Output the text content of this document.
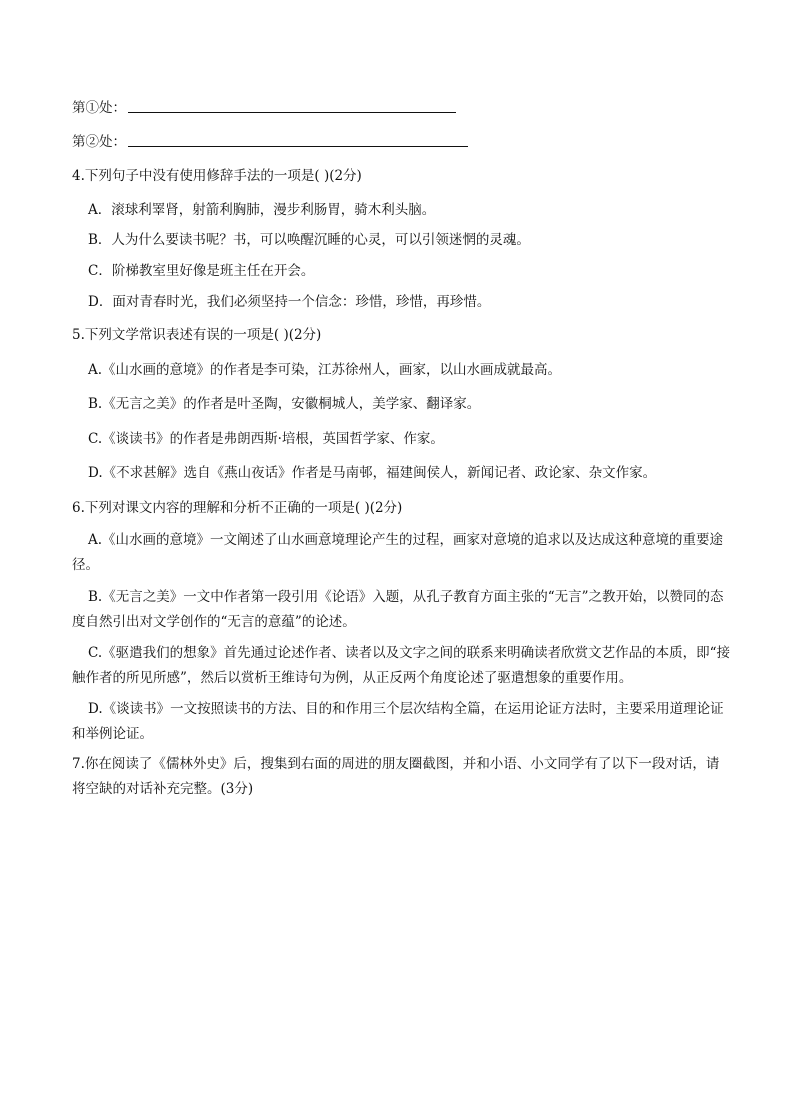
第①处：
第②处：
4.下列句子中没有使用修辞手法的一项是( )(2分)
A．滚球利睪肾，射箭利胸肺，漫步利肠胃，骑木利头脑。
B．人为什么要读书呢？书，可以唤醒沉睡的心灵，可以引领迷惘的灵魂。
C．阶梯教室里好像是班主任在开会。
D．面对青春时光，我们必须坚持一个信念：珍惜，珍惜，再珍惜。
5.下列文学常识表述有误的一项是( )(2分)
A.《山水画的意境》的作者是李可染，江苏徐州人，画家，以山水画成就最高。
B.《无言之美》的作者是叶圣陶，安徽桐城人，美学家、翻译家。
C.《谈读书》的作者是弗朗西斯·培根，英国哲学家、作家。
D.《不求甚解》选自《燕山夜话》作者是马南邨，福建闽侯人，新闻记者、政论家、杂文作家。
6.下列对课文内容的理解和分析不正确的一项是( )(2分)
A.《山水画的意境》一文阐述了山水画意境理论产生的过程，画家对意境的追求以及达成这种意境的重要途径。
B.《无言之美》一文中作者第一段引用《论语》入题，从孔子教育方面主张的“无言”之教开始，以赞同的态度自然引出对文学创作的“无言的意蕴”的论述。
C.《驱遣我们的想象》首先通过论述作者、读者以及文字之间的联系来明确读者欣赏文艺作品的本质，即“接触作者的所见所感”，然后以赏析王维诗句为例，从正反两个角度论述了驱遣想象的重要作用。
D.《谈读书》一文按照读书的方法、目的和作用三个层次结构全篇，在运用论证方法时，主要采用道理论证和举例论证。
7.你在阅读了《儒林外史》后，搜集到右面的周进的朋友圈截图，并和小语、小文同学有了以下一段对话，请将空缺的对话补充完整。(3分)
